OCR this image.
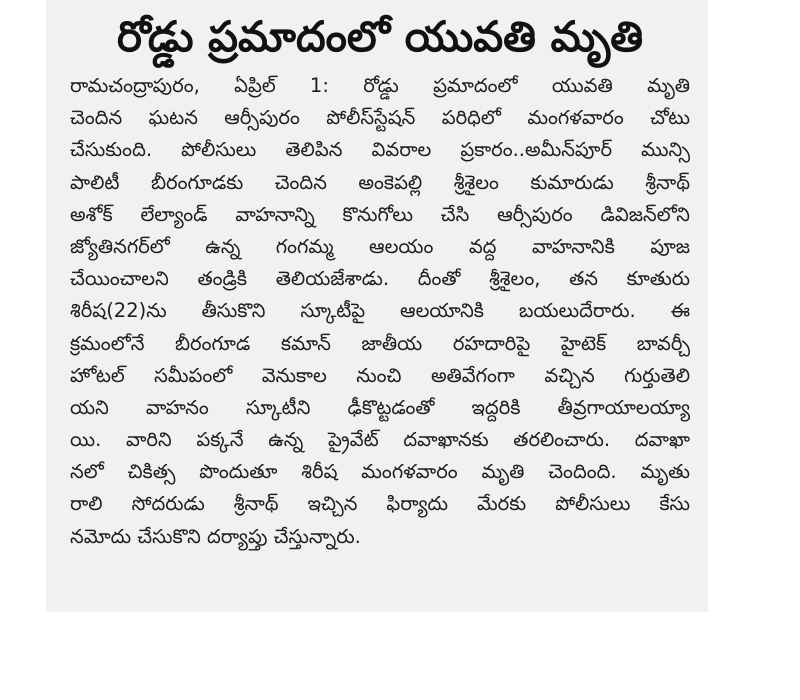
రోడ్డు ప్రమాదంలో యువతి మృతి
రామచంద్రాపురం, ఏప్రిల్ 1: రోడ్డు ప్రమాదంలో యువతి మృతి
చెందిన ఘటన ఆర్సీపురం పోలీస్‌స్టేషన్ పరిధిలో మంగళవారం చోటు
చేసుకుంది. పోలీసులు తెలిపిన వివరాల ప్రకారం..అమీన్‌పూర్ మున్సి
పాలిటీ బీరంగూడకు చెందిన అంకెపల్లి శ్రీశైలం కుమారుడు శ్రీనాథ్
అశోక్ లేల్యాండ్ వాహనాన్ని కొనుగోలు చేసి ఆర్సీపురం డివిజన్‌లోని
జ్యోతినగర్‌లో ఉన్న గంగమ్మ ఆలయం వద్ద వాహనానికి పూజ
చేయించాలని తండ్రికి తెలియజేశాడు. దీంతో శ్రీశైలం, తన కూతురు
శిరీష(22)ను తీసుకొని స్కూటీపై ఆలయానికి బయలుదేరారు. ఈ
క్రమంలోనే బీరంగూడ కమాన్ జాతీయ రహదారిపై హైటెక్ బావర్చీ
హోటల్ సమీపంలో వెనుకాల నుంచి అతివేగంగా వచ్చిన గుర్తుతెలి
యని వాహనం స్కూటీని ఢీకొట్టడంతో ఇద్దరికి తీవ్రగాయాలయ్యా
యి. వారిని పక్కనే ఉన్న ప్రైవేట్ దవాఖానకు తరలించారు. దవాఖా
నలో చికిత్స పొందుతూ శిరీష మంగళవారం మృతి చెందింది. మృతు
రాలి సోదరుడు శ్రీనాథ్ ఇచ్చిన ఫిర్యాదు మేరకు పోలీసులు కేసు
నమోదు చేసుకొని దర్యాప్తు చేస్తున్నారు.
